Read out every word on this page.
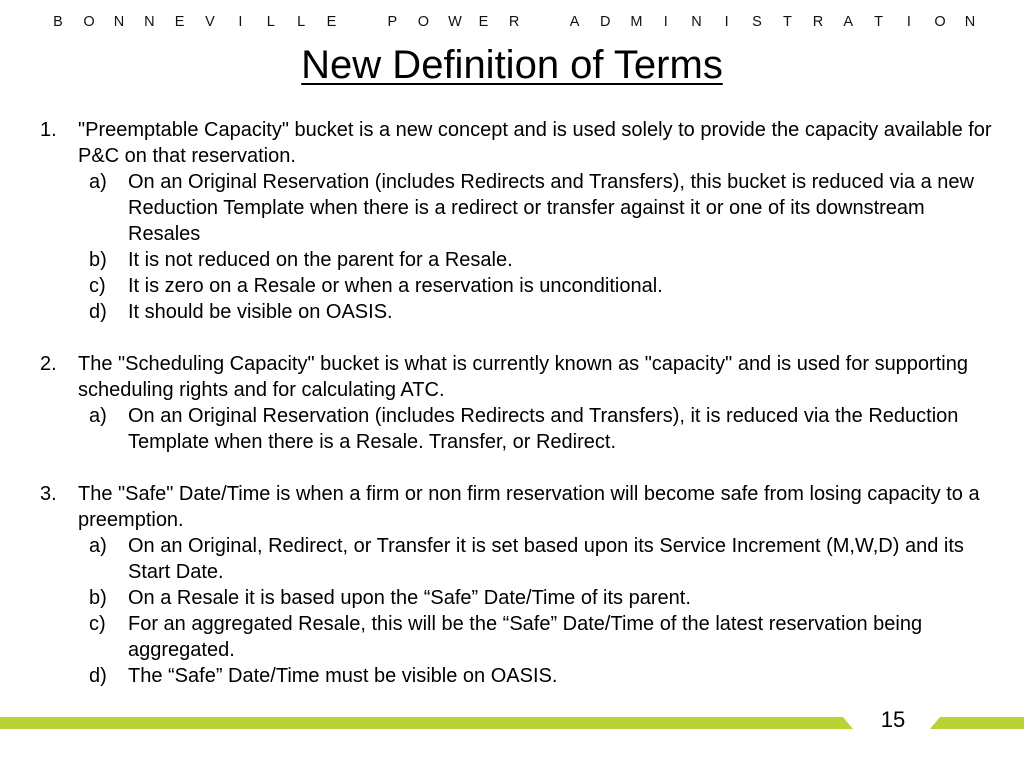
B O N N E V I L L E	P O W E R	A D M I N I S T R A T I O N
New Definition of Terms
1.	"Preemptable Capacity" bucket is a new concept and is used solely to provide the capacity available for P&C on that reservation.
a)	On an Original Reservation (includes Redirects and Transfers), this bucket is reduced via a new Reduction Template when there is a redirect or transfer against it or one of its downstream Resales
b)	It is not reduced on the parent for a Resale.
c)	It is zero on a Resale or when a reservation is unconditional.
d)	It should be visible on OASIS.
2.	The "Scheduling Capacity" bucket is what is currently known as "capacity" and is used for supporting scheduling rights and for calculating ATC.
a)	On an Original Reservation (includes Redirects and Transfers), it is reduced via the Reduction Template when there is a Resale. Transfer, or Redirect.
3.	The "Safe" Date/Time is when a firm or non firm reservation will become safe from losing capacity to a preemption.
a)	On an Original, Redirect, or Transfer it is set based upon its Service Increment (M,W,D) and its Start Date.
b)	On a Resale it is based upon the “Safe” Date/Time of its parent.
c)	For an aggregated Resale, this will be the “Safe” Date/Time of the latest reservation being aggregated.
d)	The “Safe” Date/Time must be visible on OASIS.
15
